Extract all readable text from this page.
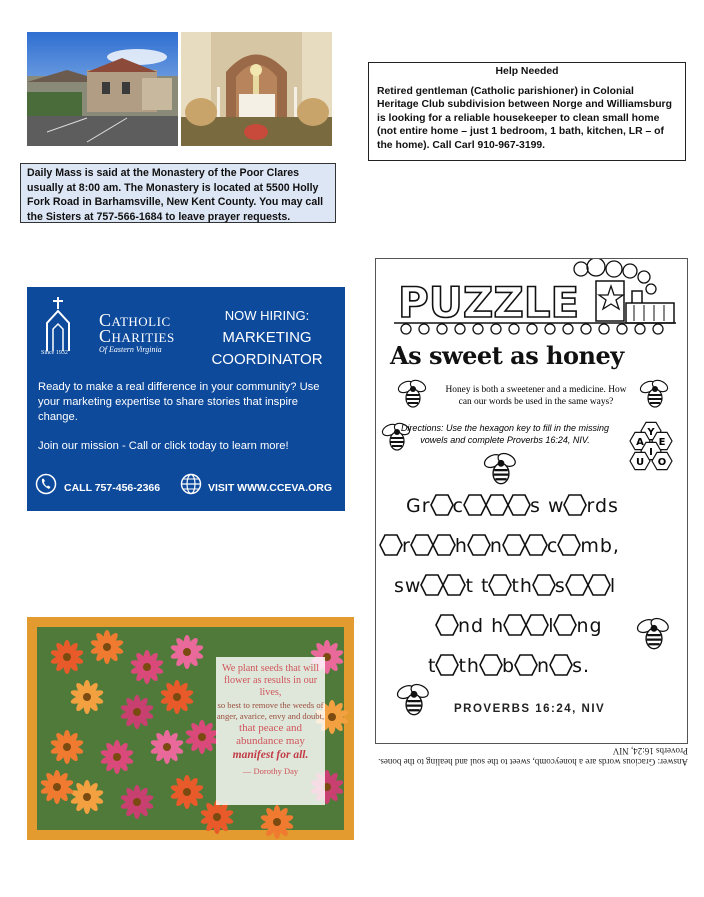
Daily Mass is said at the Monastery of the Poor Clares usually at 8:00 am. The Monastery is located at 5500 Holly Fork Road in Barhamsville, New Kent County. You may call the Sisters at 757-566-1684 to leave prayer requests.
Help Needed
Retired gentleman (Catholic parishioner) in Colonial Heritage Club subdivision between Norge and Williamsburg is looking for a reliable housekeeper to clean small home (not entire home – just 1 bedroom, 1 bath, kitchen, LR – of the home). Call Carl 910-967-3199.
Since 1932
Catholic
Charities
Of Eastern Virginia
NOW HIRING:
MARKETING
COORDINATOR
Ready to make a real difference in your community? Use your marketing expertise to share stories that inspire change.
Join our mission - Call or click today to learn more!
CALL 757-456-2366	VISIT WWW.CCEVA.ORG
We plant seeds that will flower as results in our lives,
so best to remove the weeds of anger, avarice, envy and doubt,
that peace and abundance may
manifest for all.
— Dorothy Day
PUZZLE
As sweet as honey
Honey is both a sweetener and a medicine. How can our words be used in the same ways?
Directions: Use the hexagon key to fill in the missing vowels and complete Proverbs 16:24, NIV.
Y
A E
I
U O
Gr c	s w rds
r h n c mb,
sw t t th s l
nd h l ng
t th b n s.
PROVERBS 16:24, NIV
Answer: Gracious words are a honeycomb, sweet to the soul and healing to the bones. Proverbs 16:24, NIV
